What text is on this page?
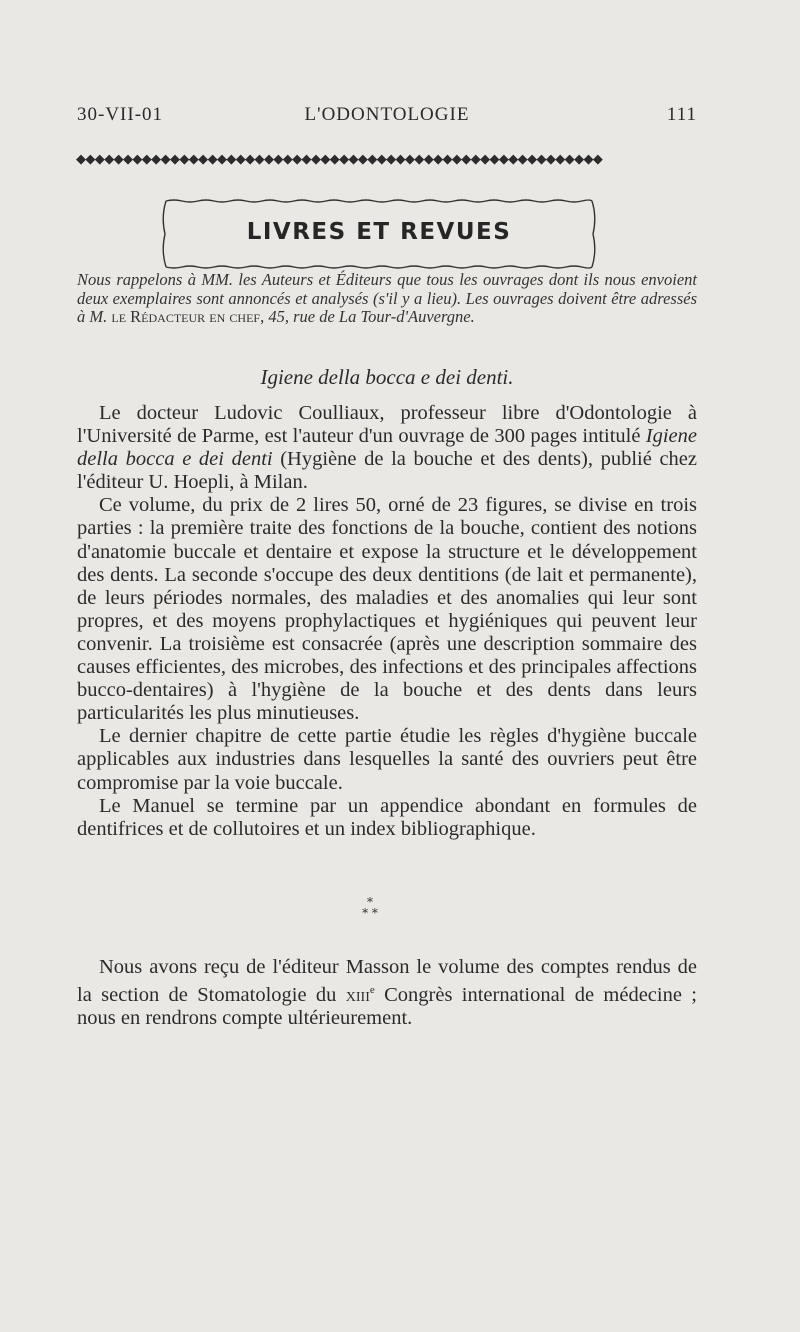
30-VII-01	L'ODONTOLOGIE	111
◆◆◆◆◆◆◆◆◆◆◆◆◆◆◆◆◆◆◆◆◆◆◆◆◆◆◆◆◆◆◆◆◆◆◆◆◆◆◆◆◆◆◆◆◆◆◆◆◆◆◆◆◆◆◆◆
LIVRES ET REVUES
Nous rappelons à MM. les Auteurs et Éditeurs que tous les ouvrages dont ils nous envoient deux exemplaires sont annoncés et analysés (s'il y a lieu). Les ouvrages doivent être adressés à M. le Rédacteur en chef, 45, rue de La Tour-d'Auvergne.
Igiene della bocca e dei denti.

Le docteur Ludovic Coulliaux, professeur libre d'Odontologie à l'Université de Parme, est l'auteur d'un ouvrage de 300 pages intitulé Igiene della bocca e dei denti (Hygiène de la bouche et des dents), publié chez l'éditeur U. Hoepli, à Milan.

Ce volume, du prix de 2 lires 50, orné de 23 figures, se divise en trois parties : la première traite des fonctions de la bouche, contient des notions d'anatomie buccale et dentaire et expose la structure et le développement des dents. La seconde s'occupe des deux dentitions (de lait et permanente), de leurs périodes normales, des maladies et des anomalies qui leur sont propres, et des moyens prophylactiques et hygiéniques qui peuvent leur convenir. La troisième est consacrée (après une description sommaire des causes efficientes, des microbes, des infections et des principales affections bucco-dentaires) à l'hygiène de la bouche et des dents dans leurs particularités les plus minutieuses.

Le dernier chapitre de cette partie étudie les règles d'hygiène buccale applicables aux industries dans lesquelles la santé des ouvriers peut être compromise par la voie buccale.

Le Manuel se termine par un appendice abondant en formules de dentifrices et de collutoires et un index bibliographique.

*
* *

Nous avons reçu de l'éditeur Masson le volume des comptes rendus de la section de Stomatologie du xiii$^e$ Congrès international de médecine ; nous en rendrons compte ultérieurement.
